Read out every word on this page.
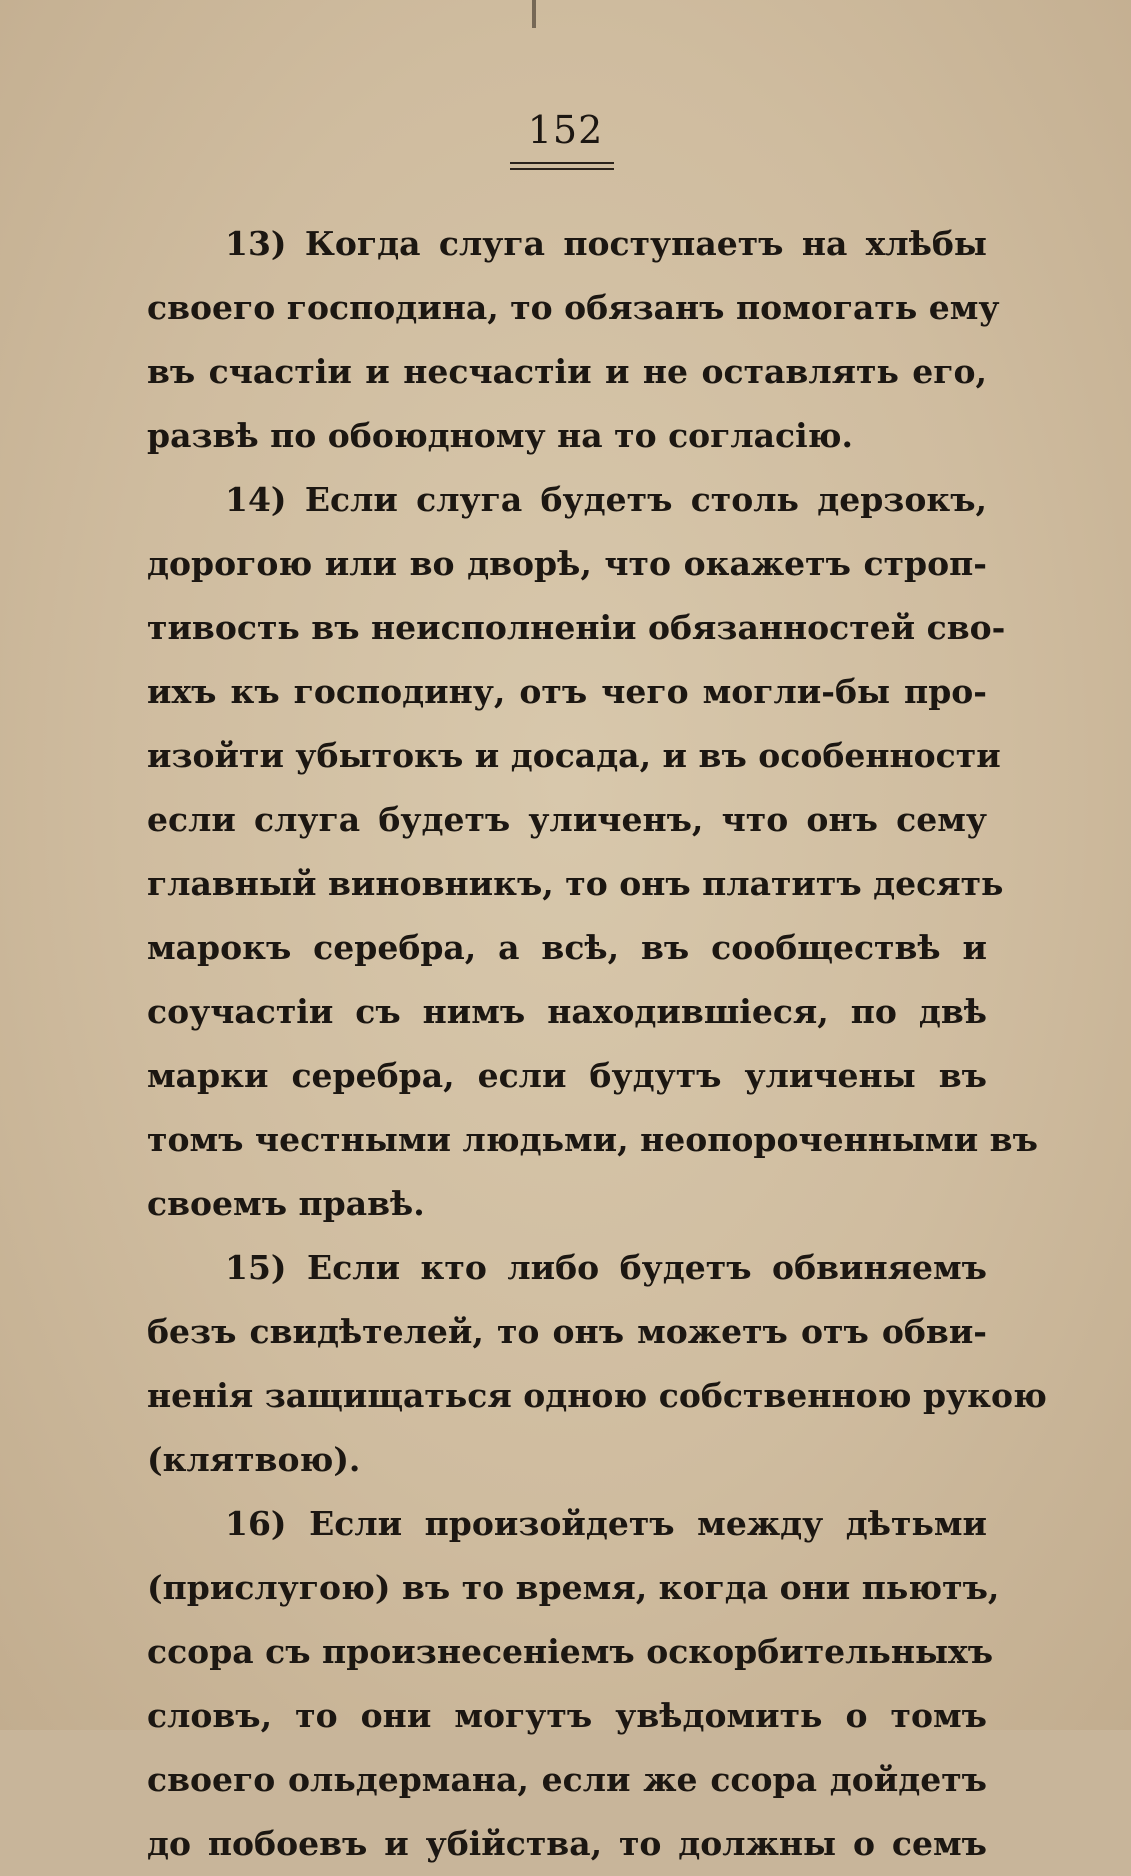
152
13) Когда слуга поступаетъ на хлѣбы
своего господина, то обязанъ помогать ему
въ счастіи и несчастіи и не оставлять его,
развѣ по обоюдному на то согласію.
14) Если слуга будетъ столь дерзокъ,
дорогою или во дворѣ, что окажетъ строп-
тивость въ неисполненіи обязанностей сво-
ихъ къ господину, отъ чего могли-бы про-
изойти убытокъ и досада, и въ особенности
если слуга будетъ уличенъ, что онъ сему
главный виновникъ, то онъ платитъ десять
марокъ серебра, а всѣ, въ сообществѣ и
соучастіи съ нимъ находившіеся, по двѣ
марки серебра, если будутъ уличены въ
томъ честными людьми, неопороченными въ
своемъ правѣ.
15) Если кто либо будетъ обвиняемъ
безъ свидѣтелей, то онъ можетъ отъ обви-
ненія защищаться одною собственною рукою
(клятвою).
16) Если произойдетъ между дѣтьми
(прислугою) въ то время, когда они пьютъ,
ссора съ произнесеніемъ оскорбительныхъ
словъ, то они могутъ увѣдомить о томъ
своего ольдермана, если же ссора дойдетъ
до побоевъ и убійства, то должны о семъ
